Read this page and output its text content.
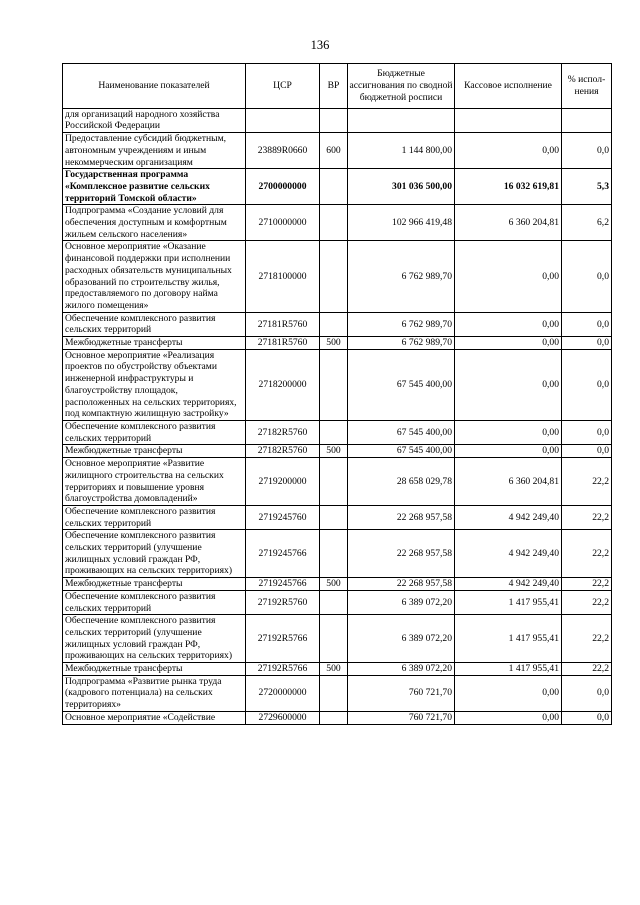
136
Наименование показателей	ЦСР	ВР	Бюджетные ассигнования по сводной бюджетной росписи	Кассовое исполнение	% испол-нения
для организаций народного хозяйства Российской Федерации					
Предоставление субсидий бюджетным, автономным учреждениям и иным некоммерческим организациям	23889R0660	600	1 144 800,00	0,00	0,0
Государственная программа «Комплексное развитие сельских территорий Томской области»	2700000000		301 036 500,00	16 032 619,81	5,3
Подпрограмма «Создание условий для обеспечения доступным и комфортным жильем сельского населения»	2710000000		102 966 419,48	6 360 204,81	6,2
Основное мероприятие «Оказание финансовой поддержки при исполнении расходных обязательств муниципальных образований по строительству жилья, предоставляемого по договору найма жилого помещения»	2718100000		6 762 989,70	0,00	0,0
Обеспечение комплексного развития сельских территорий	27181R5760		6 762 989,70	0,00	0,0
Межбюджетные трансферты	27181R5760	500	6 762 989,70	0,00	0,0
Основное мероприятие «Реализация проектов по обустройству объектами инженерной инфраструктуры и благоустройству площадок, расположенных на сельских территориях, под компактную жилищную застройку»	2718200000		67 545 400,00	0,00	0,0
Обеспечение комплексного развития сельских территорий	27182R5760		67 545 400,00	0,00	0,0
Межбюджетные трансферты	27182R5760	500	67 545 400,00	0,00	0,0
Основное мероприятие «Развитие жилищного строительства на сельских территориях и повышение уровня благоустройства домовладений»	2719200000		28 658 029,78	6 360 204,81	22,2
Обеспечение комплексного развития сельских территорий	2719245760		22 268 957,58	4 942 249,40	22,2
Обеспечение комплексного развития сельских территорий (улучшение жилищных условий граждан РФ, проживающих на сельских территориях)	2719245766		22 268 957,58	4 942 249,40	22,2
Межбюджетные трансферты	2719245766	500	22 268 957,58	4 942 249,40	22,2
Обеспечение комплексного развития сельских территорий	27192R5760		6 389 072,20	1 417 955,41	22,2
Обеспечение комплексного развития сельских территорий (улучшение жилищных условий граждан РФ, проживающих на сельских территориях)	27192R5766		6 389 072,20	1 417 955,41	22,2
Межбюджетные трансферты	27192R5766	500	6 389 072,20	1 417 955,41	22,2
Подпрограмма «Развитие рынка труда (кадрового потенциала) на сельских территориях»	2720000000		760 721,70	0,00	0,0
Основное мероприятие «Содействие	2729600000		760 721,70	0,00	0,0
